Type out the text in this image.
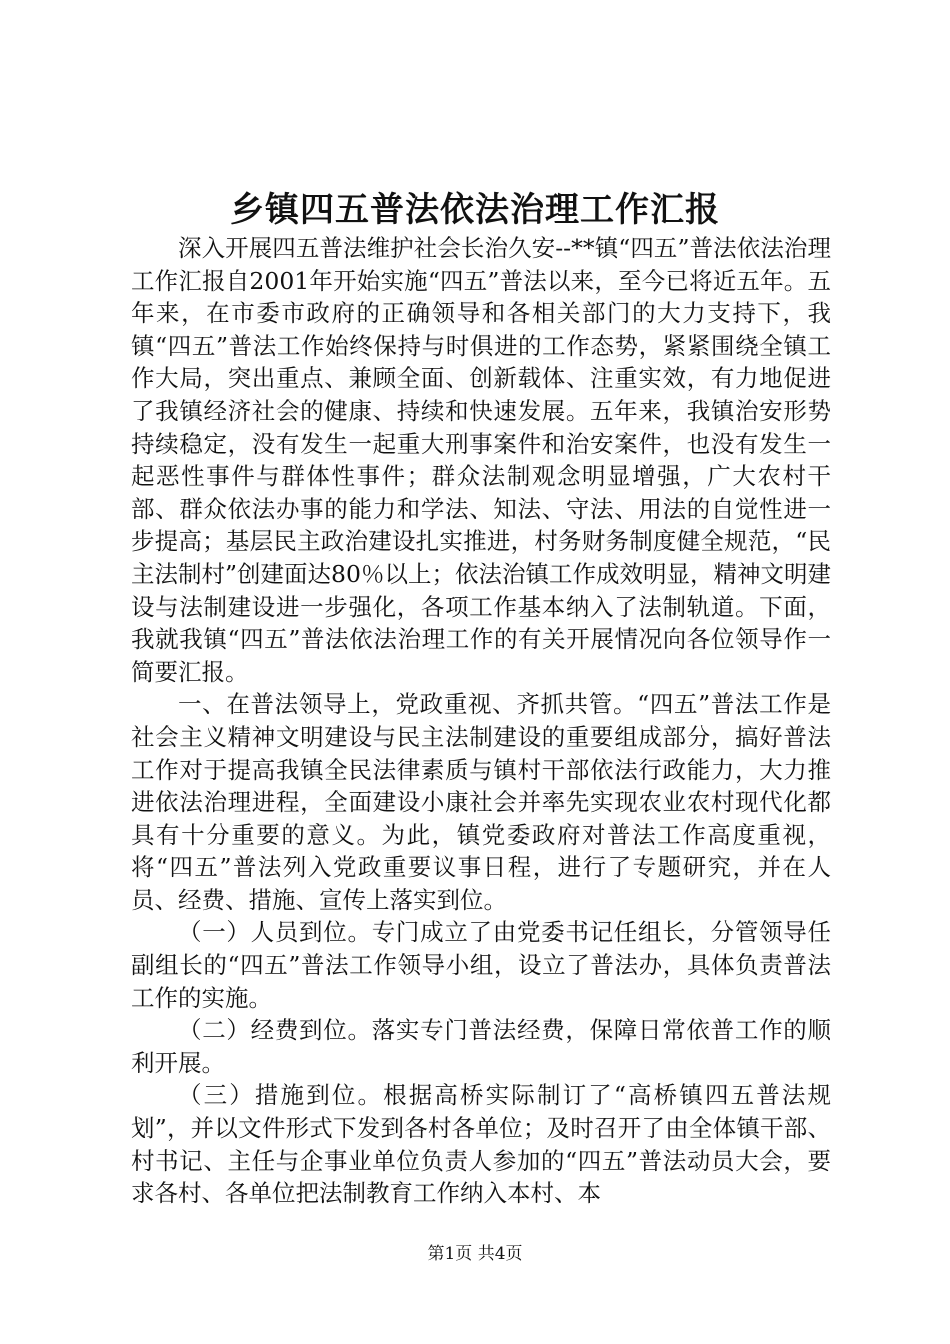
乡镇四五普法依法治理工作汇报

深入开展四五普法维护社会长治久安--**镇“四五”普法依法治理工作汇报自2001年开始实施“四五”普法以来，至今已将近五年。五年来，在市委市政府的正确领导和各相关部门的大力支持下，我镇“四五”普法工作始终保持与时俱进的工作态势，紧紧围绕全镇工作大局，突出重点、兼顾全面、创新载体、注重实效，有力地促进了我镇经济社会的健康、持续和快速发展。五年来，我镇治安形势持续稳定，没有发生一起重大刑事案件和治安案件，也没有发生一起恶性事件与群体性事件；群众法制观念明显增强，广大农村干部、群众依法办事的能力和学法、知法、守法、用法的自觉性进一步提高；基层民主政治建设扎实推进，村务财务制度健全规范，“民主法制村”创建面达80％以上；依法治镇工作成效明显，精神文明建设与法制建设进一步强化，各项工作基本纳入了法制轨道。下面，我就我镇“四五”普法依法治理工作的有关开展情况向各位领导作一简要汇报。

一、在普法领导上，党政重视、齐抓共管。“四五”普法工作是社会主义精神文明建设与民主法制建设的重要组成部分，搞好普法工作对于提高我镇全民法律素质与镇村干部依法行政能力，大力推进依法治理进程，全面建设小康社会并率先实现农业农村现代化都具有十分重要的意义。为此，镇党委政府对普法工作高度重视，将“四五”普法列入党政重要议事日程，进行了专题研究，并在人员、经费、措施、宣传上落实到位。

（一）人员到位。专门成立了由党委书记任组长，分管领导任副组长的“四五”普法工作领导小组，设立了普法办，具体负责普法工作的实施。

（二）经费到位。落实专门普法经费，保障日常依普工作的顺利开展。

（三）措施到位。根据高桥实际制订了“高桥镇四五普法规划”，并以文件形式下发到各村各单位；及时召开了由全体镇干部、村书记、主任与企事业单位负责人参加的“四五”普法动员大会，要求各村、各单位把法制教育工作纳入本村、本

第1页 共4页
